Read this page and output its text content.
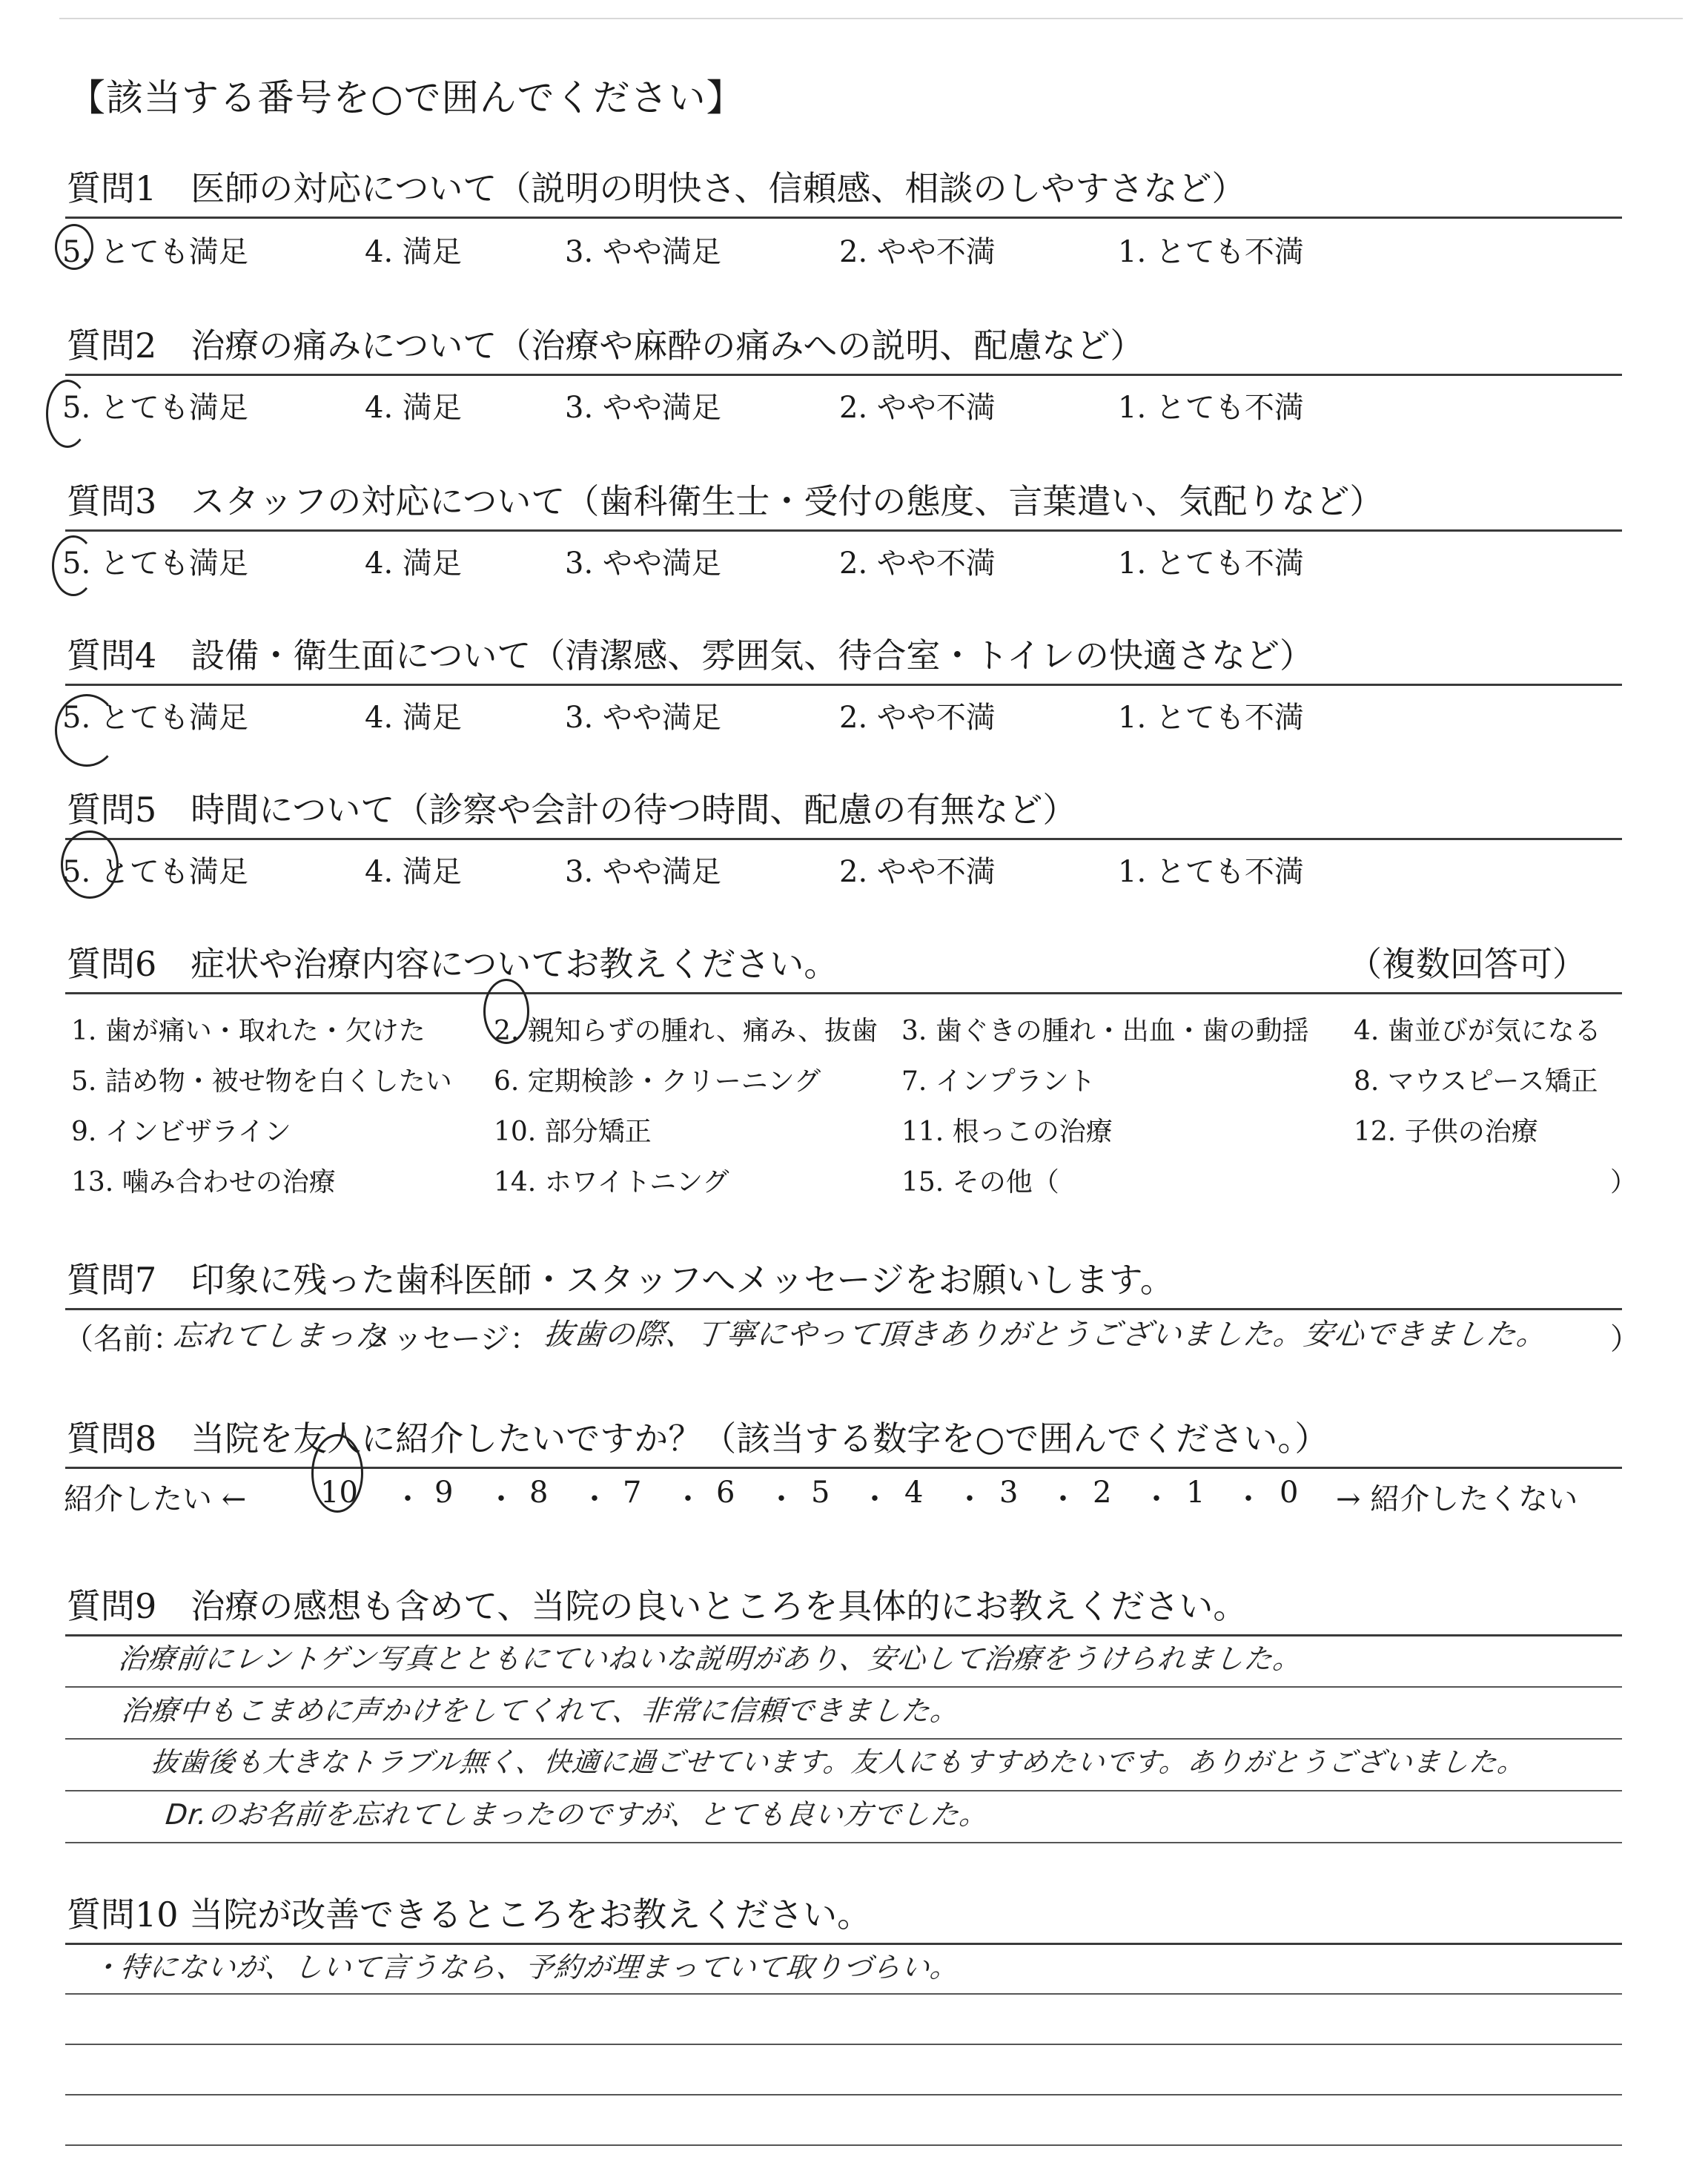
【該当する番号を○で囲んでください】
質問1　医師の対応について（説明の明快さ、信頼感、相談のしやすさなど）
5. とても満足	4. 満足	3. やや満足	2. やや不満	1. とても不満
質問2　治療の痛みについて（治療や麻酔の痛みへの説明、配慮など）
5. とても満足	4. 満足	3. やや満足	2. やや不満	1. とても不満
質問3　スタッフの対応について（歯科衛生士・受付の態度、言葉遣い、気配りなど）
5. とても満足	4. 満足	3. やや満足	2. やや不満	1. とても不満
質問4　設備・衛生面について（清潔感、雰囲気、待合室・トイレの快適さなど）
5. とても満足	4. 満足	3. やや満足	2. やや不満	1. とても不満
質問5　時間について（診察や会計の待つ時間、配慮の有無など）
5. とても満足	4. 満足	3. やや満足	2. やや不満	1. とても不満
質問6　症状や治療内容についてお教えください。	（複数回答可）
1. 歯が痛い・取れた・欠けた	2. 親知らずの腫れ、痛み、抜歯 3. 歯ぐきの腫れ・出血・歯の動揺 4. 歯並びが気になる
5. 詰め物・被せ物を白くしたい 6. 定期検診・クリーニング	7. インプラント	8. マウスピース矯正
9. インビザライン	10. 部分矯正	11. 根っこの治療	12. 子供の治療
13. 噛み合わせの治療	14. ホワイトニング	15. その他（	）
質問7　印象に残った歯科医師・スタッフへメッセージをお願いします。
（名前：
忘れてしまった
メッセージ： 抜歯の際、丁寧にやって頂きありがとうございました。安心できました。 ）
質問8　当院を友人に紹介したいですか？（該当する数字を○で囲んでください。）
紹介したい ← 10 ・ 9 ・ 8 ・ 7 ・ 6 ・ 5 ・ 4 ・ 3 ・ 2 ・ 1 ・ 0 → 紹介したくない
質問9　治療の感想も含めて、当院の良いところを具体的にお教えください。
治療前にレントゲン写真とともにていねいな説明があり、安心して治療をうけられました。
治療中もこまめに声かけをしてくれて、非常に信頼できました。
抜歯後も大きなトラブル無く、快適に過ごせています。友人にもすすめたいです。ありがとうございました。
Dr.のお名前を忘れてしまったのですが、とても良い方でした。
質問10 当院が改善できるところをお教えください。
・特にないが、しいて言うなら、予約が埋まっていて取りづらい。
